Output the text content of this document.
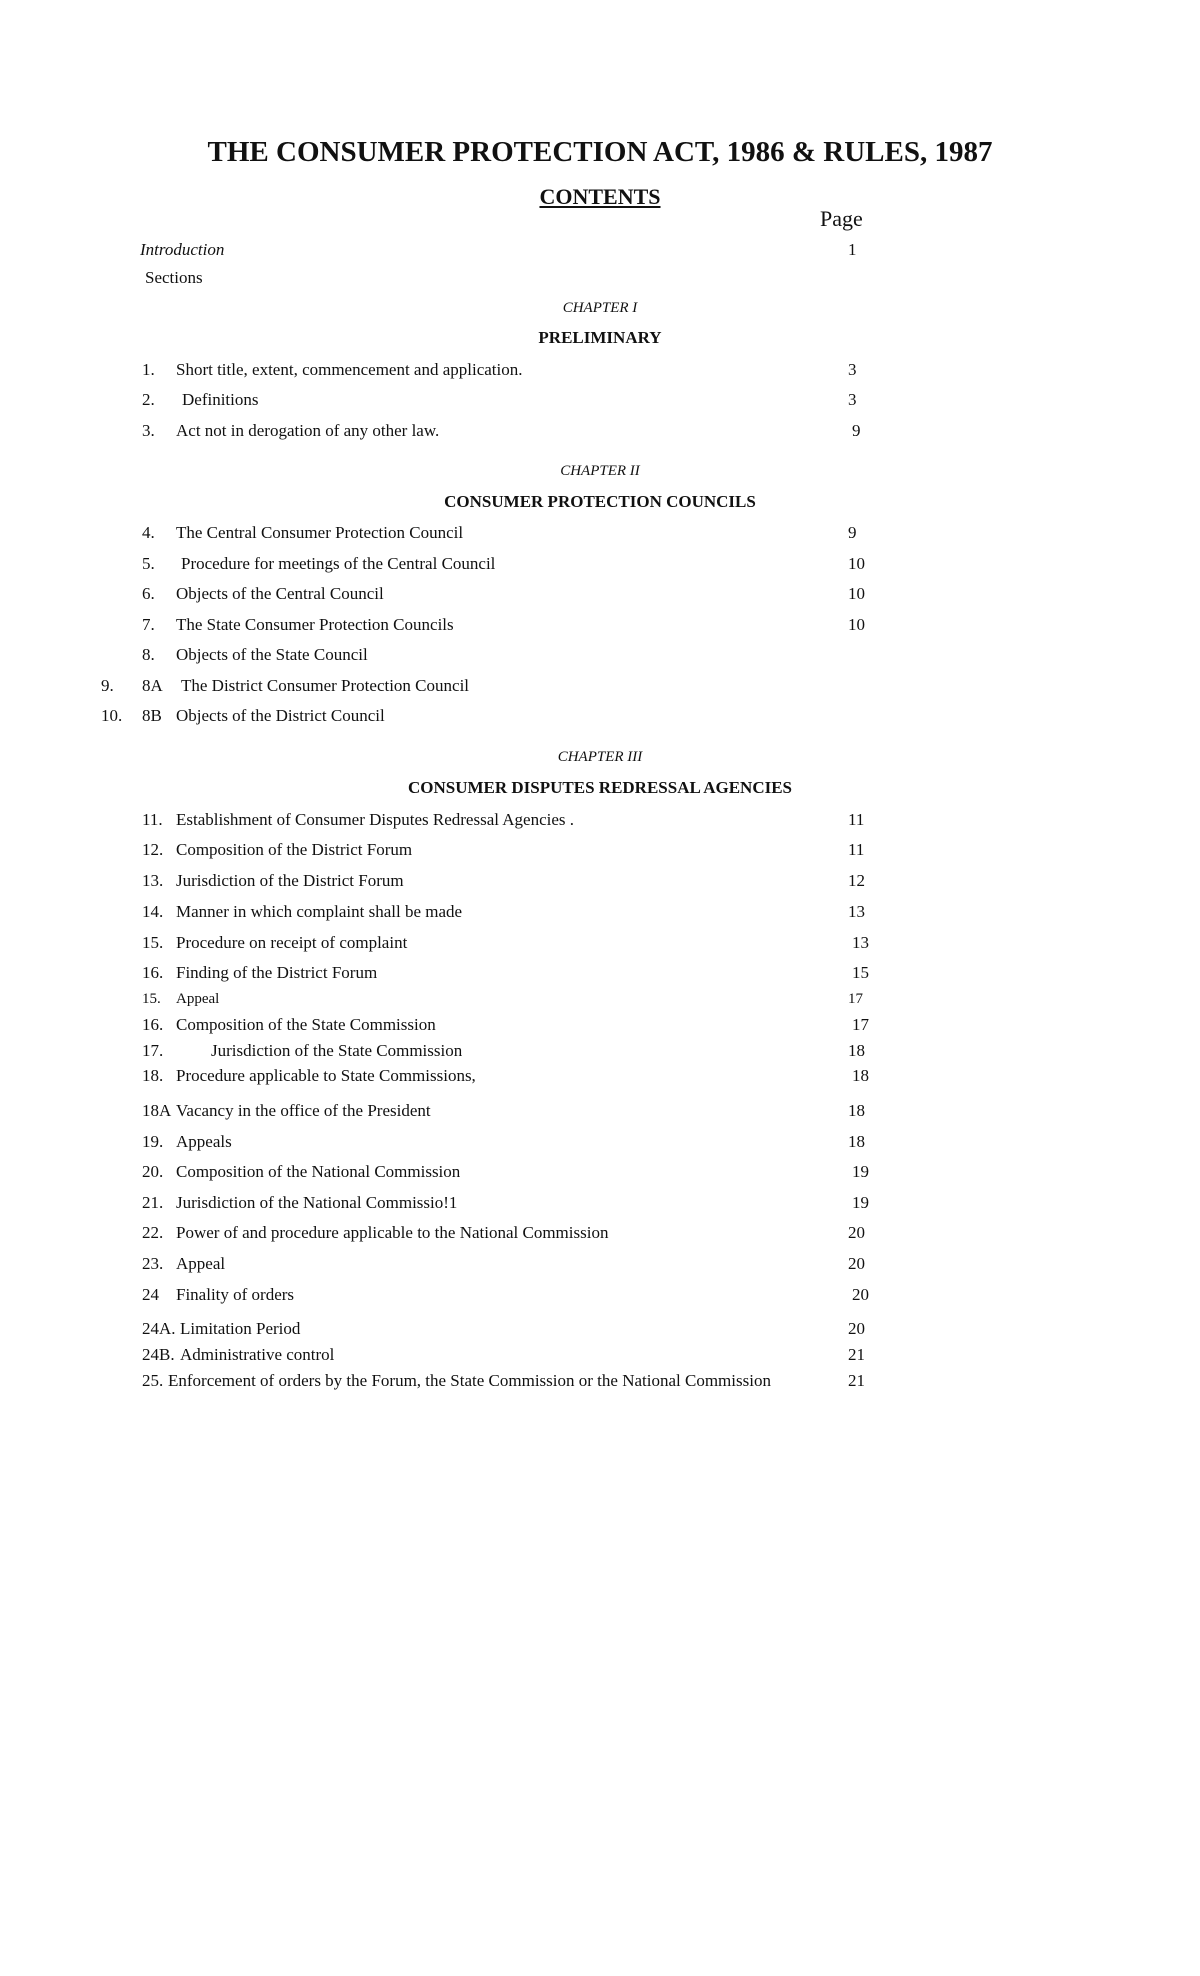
THE CONSUMER PROTECTION ACT, 1986 & RULES, 1987
CONTENTS
Page
Introduction	1
Sections
CHAPTER I
PRELIMINARY
1. Short title, extent, commencement and application.	3
2. Definitions	3
3. Act not in derogation of any other law.	9
CHAPTER II
CONSUMER PROTECTION COUNCILS
4. The Central Consumer Protection Council	9
5. Procedure for meetings of the Central Council	10
6. Objects of the Central Council	10
7. The State Consumer Protection Councils	10
8. Objects of the State Council
9. 8A The District Consumer Protection Council
10. 8B Objects of the District Council
CHAPTER III
CONSUMER DISPUTES REDRESSAL AGENCIES
11. Establishment of Consumer Disputes Redressal Agencies .	11
12. Composition of the District Forum	11
13. Jurisdiction of the District Forum	12
14. Manner in which complaint shall be made	13
15. Procedure on receipt of complaint	13
16. Finding of the District Forum	15
15. Appeal	17
16. Composition of the State Commission	17
17.	Jurisdiction of the State Commission	18
18. Procedure applicable to State Commissions,	18
18A Vacancy in the office of the President	18
19. Appeals	18
20. Composition of the National Commission	19
21. Jurisdiction of the National Commissio!1	19
22. Power of and procedure applicable to the National Commission	20
23. Appeal	20
24 Finality of orders	20
24A. Limitation Period	20
24B. Administrative control	21
25. Enforcement of orders by the Forum, the State Commission or the National Commission	21
